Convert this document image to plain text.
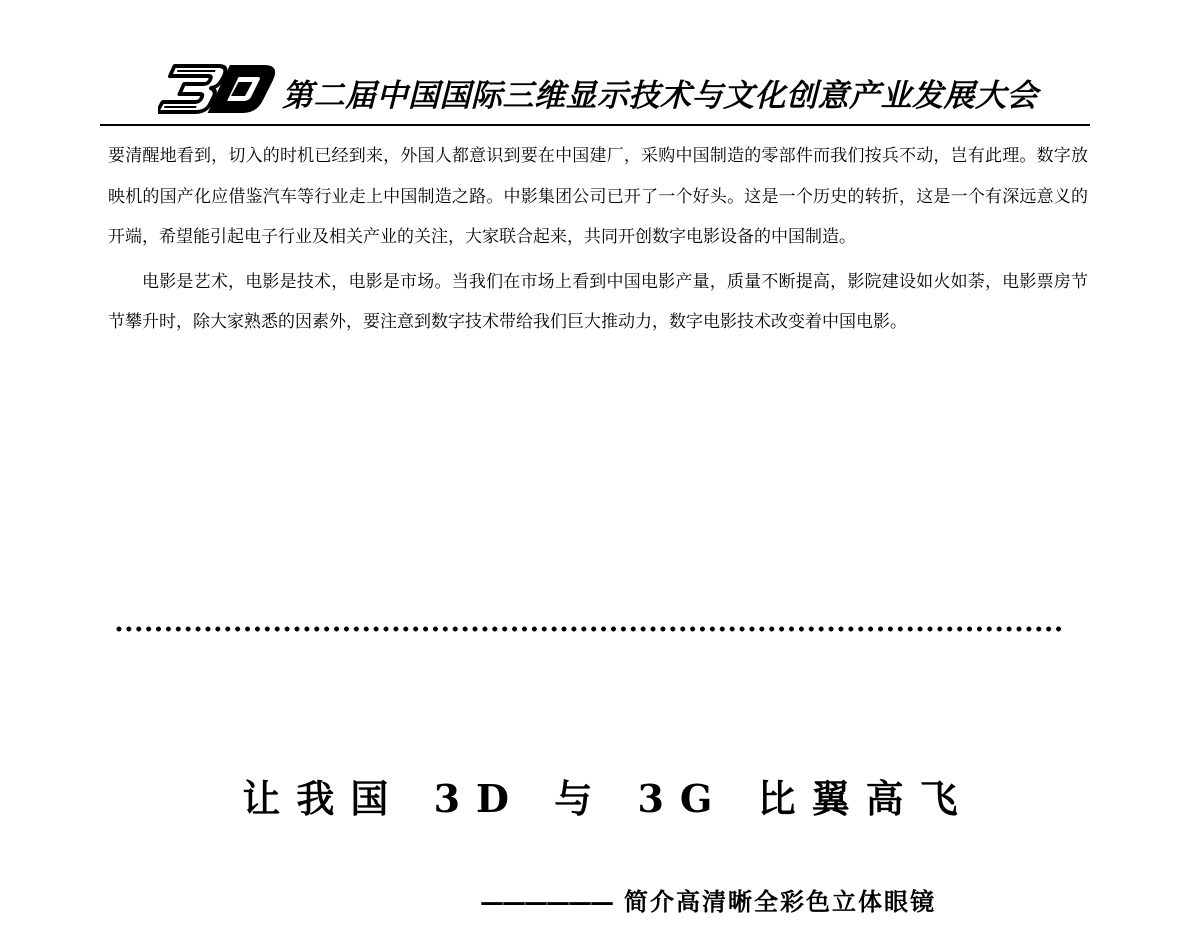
第二届中国国际三维显示技术与文化创意产业发展大会

要清醒地看到，切入的时机已经到来，外国人都意识到要在中国建厂，采购中国制造的零部件而我们按兵不动，岂有此理。数字放映机的国产化应借鉴汽车等行业走上中国制造之路。中影集团公司已开了一个好头。这是一个历史的转折，这是一个有深远意义的开端，希望能引起电子行业及相关产业的关注，大家联合起来，共同开创数字电影设备的中国制造。

电影是艺术，电影是技术，电影是市场。当我们在市场上看到中国电影产量，质量不断提高，影院建设如火如荼，电影票房节节攀升时，除大家熟悉的因素外，要注意到数字技术带给我们巨大推动力，数字电影技术改变着中国电影。

让我国 3D 与 3G 比翼高飞
—————— 简介高清晰全彩色立体眼镜
